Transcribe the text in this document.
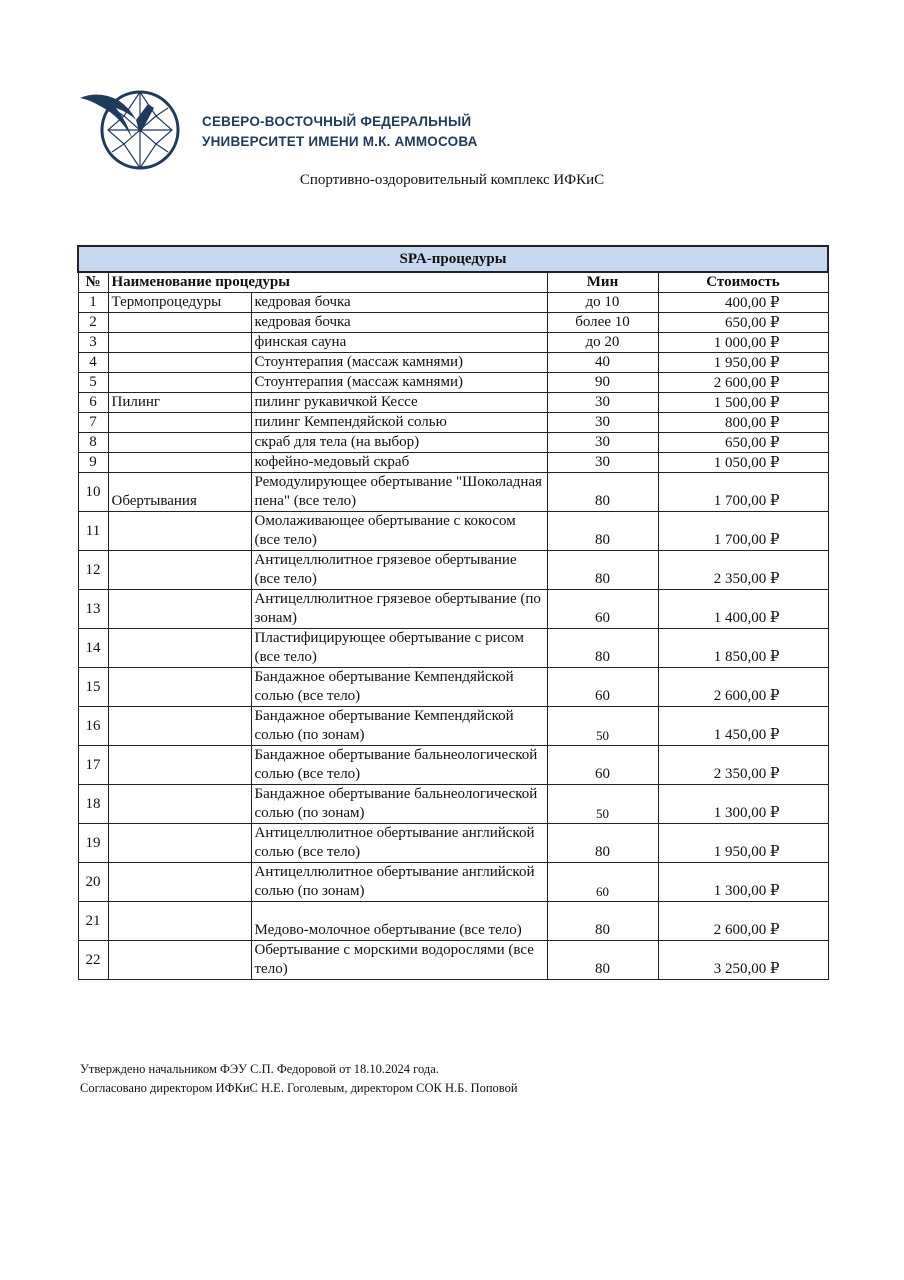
СЕВЕРО-ВОСТОЧНЫЙ ФЕДЕРАЛЬНЫЙ
УНИВЕРСИТЕТ ИМЕНИ М.К. АММОСОВА
Спортивно-оздоровительный комплекс ИФКиС
SPA-процедуры				
№	Наименование процедуры		Мин	Стоимость
1	Термопроцедуры	кедровая бочка	до 10	400,00 ₽
2		кедровая бочка	более 10	650,00 ₽
3		финская сауна	до 20	1 000,00 ₽
4		Стоунтерапия (массаж камнями)	40	1 950,00 ₽
5		Стоунтерапия (массаж камнями)	90	2 600,00 ₽
6	Пилинг	пилинг рукавичкой Кессе	30	1 500,00 ₽
7		пилинг Кемпендяйской солью	30	800,00 ₽
8		скраб для тела (на выбор)	30	650,00 ₽
9		кофейно-медовый скраб	30	1 050,00 ₽
10	Обертывания	Ремодулирующее обертывание "Шоколадная пена" (все тело)	80	1 700,00 ₽
11		Омолаживающее обертывание с кокосом (все тело)	80	1 700,00 ₽
12		Антицеллюлитное грязевое обертывание (все тело)	80	2 350,00 ₽
13		Антицеллюлитное грязевое обертывание (по зонам)	60	1 400,00 ₽
14		Пластифицирующее обертывание с рисом (все тело)	80	1 850,00 ₽
15		Бандажное обертывание Кемпендяйской солью (все тело)	60	2 600,00 ₽
16		Бандажное обертывание Кемпендяйской солью (по зонам)	50	1 450,00 ₽
17		Бандажное обертывание бальнеологической солью (все тело)	60	2 350,00 ₽
18		Бандажное обертывание бальнеологической солью (по зонам)	50	1 300,00 ₽
19		Антицеллюлитное обертывание английской солью (все тело)	80	1 950,00 ₽
20		Антицеллюлитное обертывание английской солью (по зонам)	60	1 300,00 ₽
21		Медово-молочное обертывание (все тело)	80	2 600,00 ₽
22		Обертывание с морскими водорослями (все тело)	80	3 250,00 ₽
Утверждено начальником ФЭУ С.П. Федоровой от 18.10.2024 года.
Согласовано директором ИФКиС Н.Е. Гоголевым, директором СОК Н.Б. Поповой
